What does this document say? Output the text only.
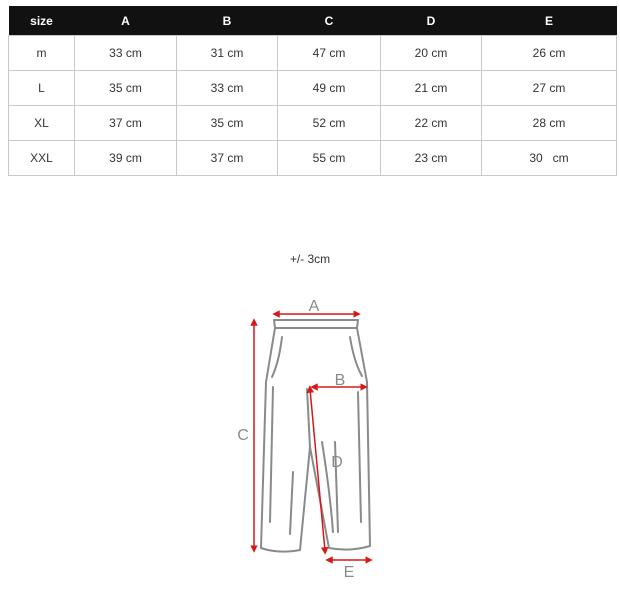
size	A	B	C	D	E
m	33 cm	31 cm	47 cm	20 cm	26 cm
L	35 cm	33 cm	49 cm	21 cm	27 cm
XL	37 cm	35 cm	52 cm	22 cm	28 cm
XXL	39 cm	37 cm	55 cm	23 cm	30   cm
+/- 3cm
A
B
C
D
E
